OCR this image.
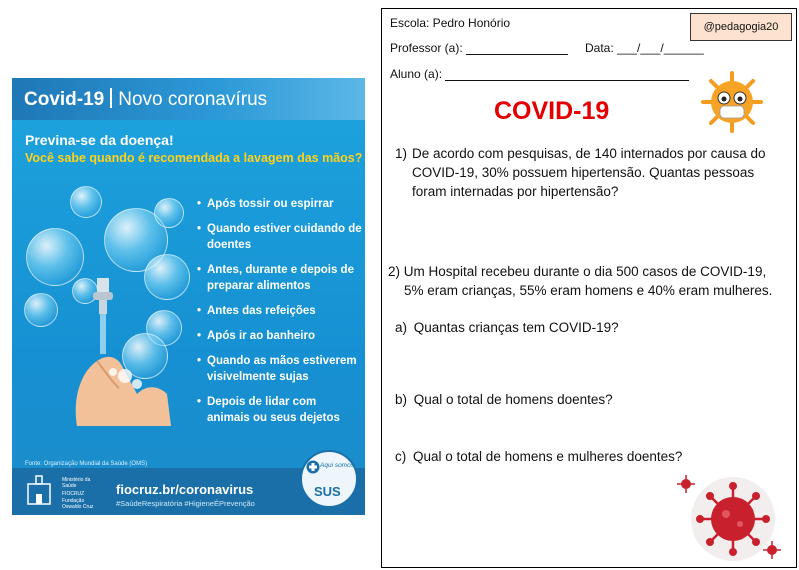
Covid-19 Novo coronavírus
Previna-se da doença!
Você sabe quando é recomendada a lavagem das mãos?
• Após tossir ou espirrar
• Quando estiver cuidando de doentes
• Antes, durante e depois de preparar alimentos
• Antes das refeições
• Após ir ao banheiro
• Quando as mãos estiverem visivelmente sujas
• Depois de lidar com animais ou seus dejetos
Fonte: Organização Mundial da Saúde (OMS)
Ministério da Saúde
FIOCRUZ
Fundação Oswaldo Cruz
fiocruz.br/coronavirus
#SaúdeRespiratória #HigieneÉPrevenção
Aqui somos
SUS
Escola: Pedro Honório	@pedagogia20
Professor (a):	Data: ___/___/______
Aluno (a):
COVID-19
1) De acordo com pesquisas, de 140 internados por causa do COVID-19, 30% possuem hipertensão. Quantas pessoas foram internadas por hipertensão?
2) Um Hospital recebeu durante o dia 500 casos de COVID-19,
5% eram crianças, 55% eram homens e 40% eram mulheres.
a) Quantas crianças tem COVID-19?
b) Qual o total de homens doentes?
c) Qual o total de homens e mulheres doentes?
